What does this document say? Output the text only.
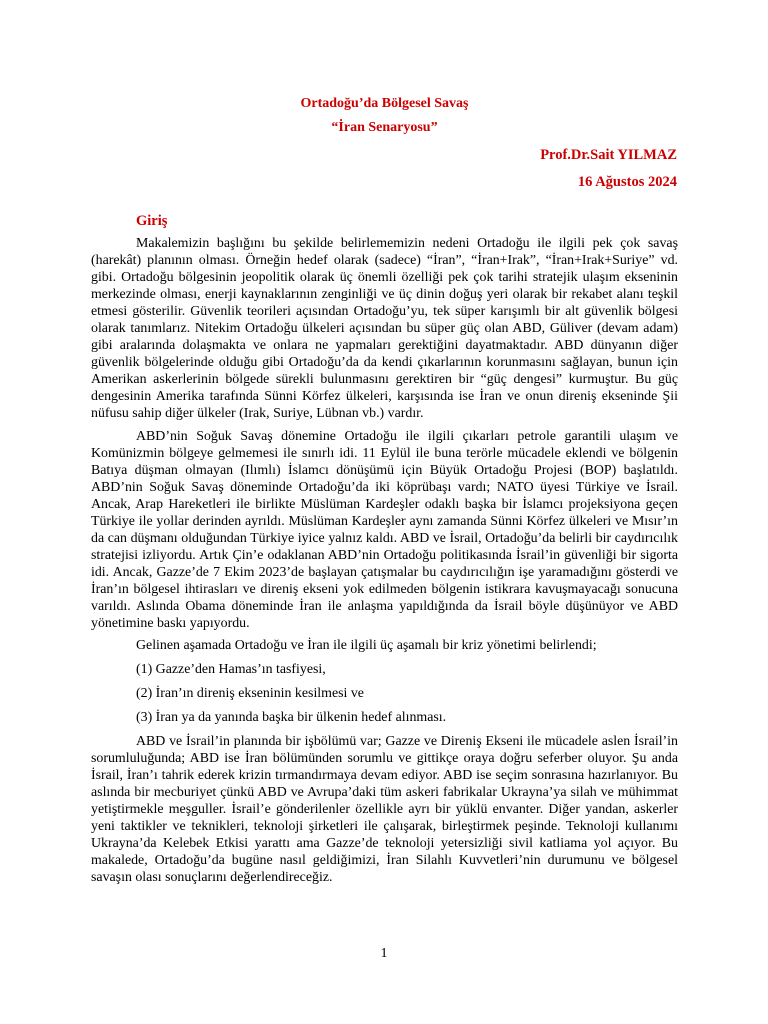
Ortadoğu’da Bölgesel Savaş

“İran Senaryosu”

Prof.Dr.Sait YILMAZ

16 Ağustos 2024

Giriş

Makalemizin başlığını bu şekilde belirlememizin nedeni Ortadoğu ile ilgili pek çok savaş (harekât) planının olması. Örneğin hedef olarak (sadece) “İran”, “İran+Irak”, “İran+Irak+Suriye” vd. gibi. Ortadoğu bölgesinin jeopolitik olarak üç önemli özelliği pek çok tarihi stratejik ulaşım ekseninin merkezinde olması, enerji kaynaklarının zenginliği ve üç dinin doğuş yeri olarak bir rekabet alanı teşkil etmesi gösterilir. Güvenlik teorileri açısından Ortadoğu’yu, tek süper karışımlı bir alt güvenlik bölgesi olarak tanımlarız. Nitekim Ortadoğu ülkeleri açısından bu süper güç olan ABD, Güliver (devam adam) gibi aralarında dolaşmakta ve onlara ne yapmaları gerektiğini dayatmaktadır. ABD dünyanın diğer güvenlik bölgelerinde olduğu gibi Ortadoğu’da da kendi çıkarlarının korunmasını sağlayan, bunun için Amerikan askerlerinin bölgede sürekli bulunmasını gerektiren bir “güç dengesi” kurmuştur. Bu güç dengesinin Amerika tarafında Sünni Körfez ülkeleri, karşısında ise İran ve onun direniş ekseninde Şii nüfusu sahip diğer ülkeler (Irak, Suriye, Lübnan vb.) vardır.

ABD’nin Soğuk Savaş dönemine Ortadoğu ile ilgili çıkarları petrole garantili ulaşım ve Komünizmin bölgeye gelmemesi ile sınırlı idi. 11 Eylül ile buna terörle mücadele eklendi ve bölgenin Batıya düşman olmayan (Ilımlı) İslamcı dönüşümü için Büyük Ortadoğu Projesi (BOP) başlatıldı. ABD’nin Soğuk Savaş döneminde Ortadoğu’da iki köprübaşı vardı; NATO üyesi Türkiye ve İsrail. Ancak, Arap Hareketleri ile birlikte Müslüman Kardeşler odaklı başka bir İslamcı projeksiyona geçen Türkiye ile yollar derinden ayrıldı. Müslüman Kardeşler aynı zamanda Sünni Körfez ülkeleri ve Mısır’ın da can düşmanı olduğundan Türkiye iyice yalnız kaldı. ABD ve İsrail, Ortadoğu’da belirli bir caydırıcılık stratejisi izliyordu. Artık Çin’e odaklanan ABD’nin Ortadoğu politikasında İsrail’in güvenliği bir sigorta idi. Ancak, Gazze’de 7 Ekim 2023’de başlayan çatışmalar bu caydırıcılığın işe yaramadığını gösterdi ve İran’ın bölgesel ihtirasları ve direniş ekseni yok edilmeden bölgenin istikrara kavuşmayacağı sonucuna varıldı. Aslında Obama döneminde İran ile anlaşma yapıldığında da İsrail böyle düşünüyor ve ABD yönetimine baskı yapıyordu.

Gelinen aşamada Ortadoğu ve İran ile ilgili üç aşamalı bir kriz yönetimi belirlendi;

(1) Gazze’den Hamas’ın tasfiyesi,

(2) İran’ın direniş ekseninin kesilmesi ve

(3) İran ya da yanında başka bir ülkenin hedef alınması.

ABD ve İsrail’in planında bir işbölümü var; Gazze ve Direniş Ekseni ile mücadele aslen İsrail’in sorumluluğunda; ABD ise İran bölümünden sorumlu ve gittikçe oraya doğru seferber oluyor. Şu anda İsrail, İran’ı tahrik ederek krizin tırmandırmaya devam ediyor. ABD ise seçim sonrasına hazırlanıyor. Bu aslında bir mecburiyet çünkü ABD ve Avrupa’daki tüm askeri fabrikalar Ukrayna’ya silah ve mühimmat yetiştirmekle meşguller. İsrail’e gönderilenler özellikle ayrı bir yüklü envanter. Diğer yandan, askerler yeni taktikler ve teknikleri, teknoloji şirketleri ile çalışarak, birleştirmek peşinde. Teknoloji kullanımı Ukrayna’da Kelebek Etkisi yarattı ama Gazze’de teknoloji yetersizliği sivil katliama yol açıyor. Bu makalede, Ortadoğu’da bugüne nasıl geldiğimizi, İran Silahlı Kuvvetleri’nin durumunu ve bölgesel savaşın olası sonuçlarını değerlendireceğiz.

1
